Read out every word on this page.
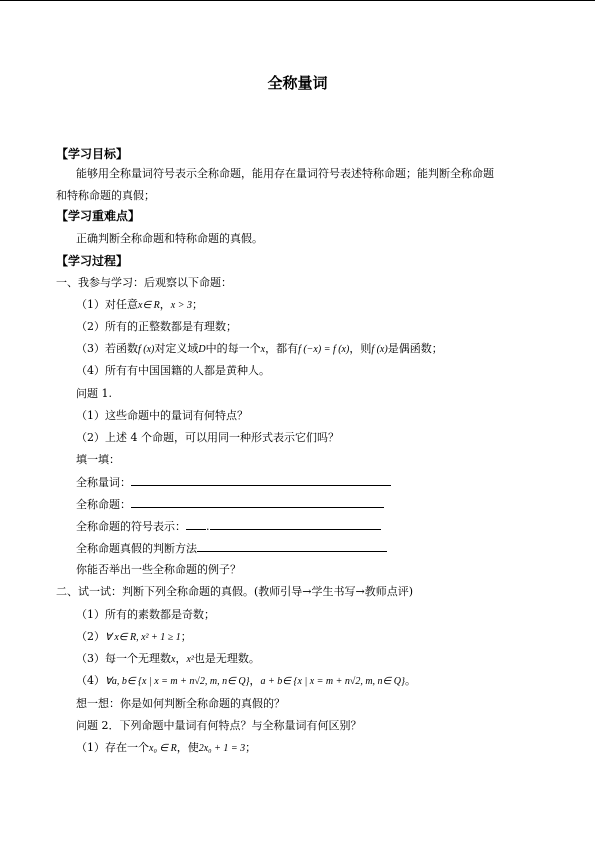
全称量词
【学习目标】
能够用全称量词符号表示全称命题，能用存在量词符号表述特称命题；能判断全称命题
和特称命题的真假；
【学习重难点】
正确判断全称命题和特称命题的真假。
【学习过程】
一、我参与学习：后观察以下命题：
（1）对任意x∈ R，x > 3；
（2）所有的正整数都是有理数；
（3）若函数f (x)对定义域D中的每一个x，都有f (−x) = f (x)，则f (x)是偶函数；
（4）所有有中国国籍的人都是黄种人。
问题 1.
（1）这些命题中的量词有何特点？
（2）上述 4 个命题，可以用同一种形式表示它们吗？
填一填：
全称量词：
全称命题：
全称命题的符号表示： .
全称命题真假的判断方法
你能否举出一些全称命题的例子？
二、试一试：判断下列全称命题的真假。(教师引导→学生书写→教师点评)
（1）所有的素数都是奇数；
（2）∀ x∈ R, x² + 1 ≥ 1；
（3）每一个无理数x，x²也是无理数。
（4）∀a, b∈ {x | x = m + n√2, m, n∈ Q}，a + b∈ {x | x = m + n√2, m, n∈ Q}。
想一想：你是如何判断全称命题的真假的？
问题 2．下列命题中量词有何特点？与全称量词有何区别？
（1）存在一个x₀ ∈ R，使2x₀ + 1 = 3；
